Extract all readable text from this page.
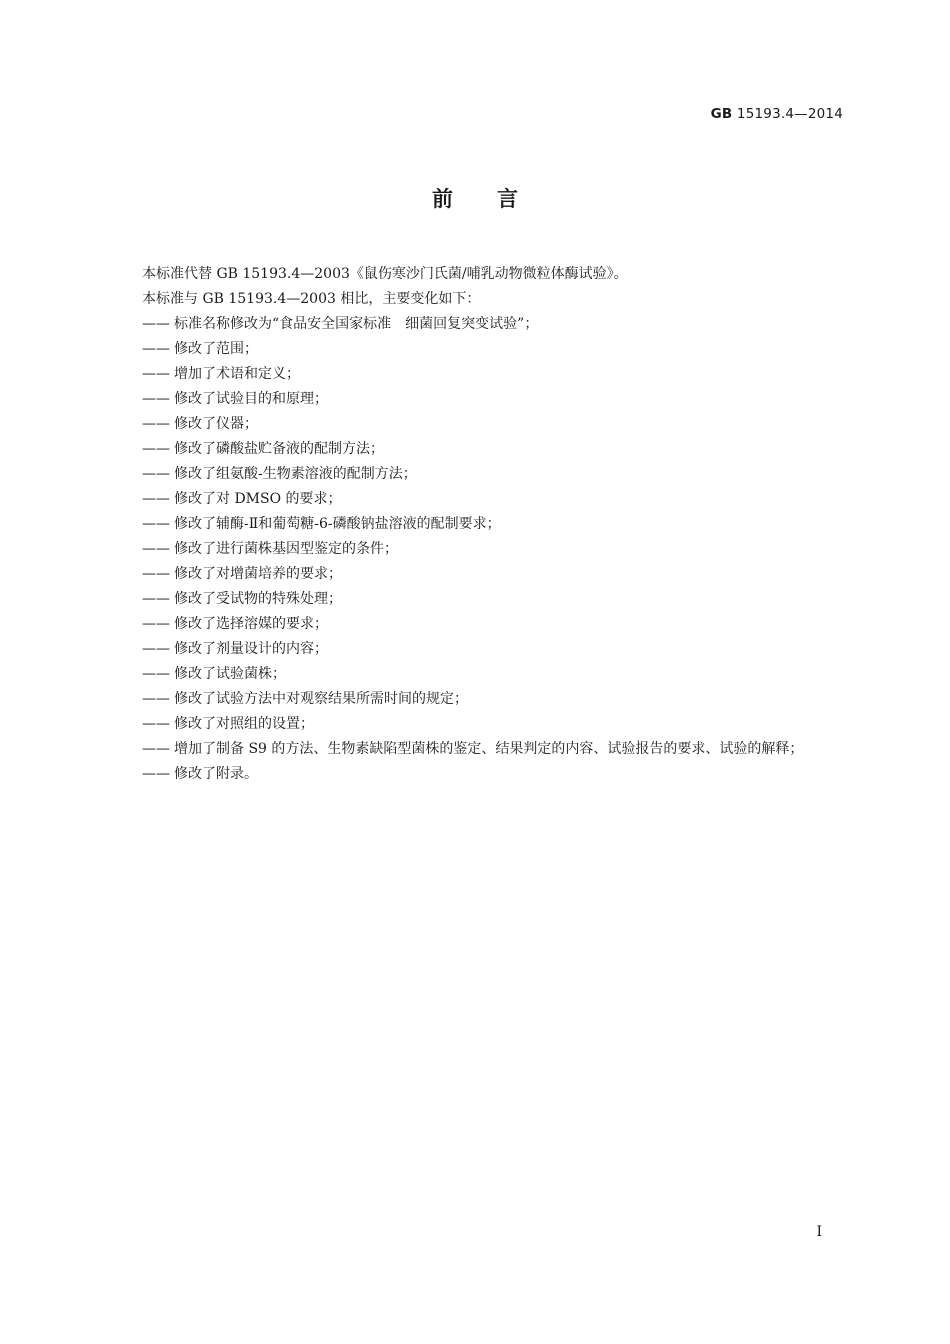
GB 15193.4—2014
前言

本标准代替 GB 15193.4—2003《鼠伤寒沙门氏菌/哺乳动物微粒体酶试验》。

本标准与 GB 15193.4—2003 相比，主要变化如下：

—— 标准名称修改为“食品安全国家标准　细菌回复突变试验”；
—— 修改了范围；
—— 增加了术语和定义；
—— 修改了试验目的和原理；
—— 修改了仪器；
—— 修改了磷酸盐贮备液的配制方法；
—— 修改了组氨酸-生物素溶液的配制方法；
—— 修改了对 DMSO 的要求；
—— 修改了辅酶-Ⅱ和葡萄糖-6-磷酸钠盐溶液的配制要求；
—— 修改了进行菌株基因型鉴定的条件；
—— 修改了对增菌培养的要求；
—— 修改了受试物的特殊处理；
—— 修改了选择溶媒的要求；
—— 修改了剂量设计的内容；
—— 修改了试验菌株；
—— 修改了试验方法中对观察结果所需时间的规定；
—— 修改了对照组的设置；
—— 增加了制备 S9 的方法、生物素缺陷型菌株的鉴定、结果判定的内容、试验报告的要求、试验的解释；
—— 修改了附录。
I
